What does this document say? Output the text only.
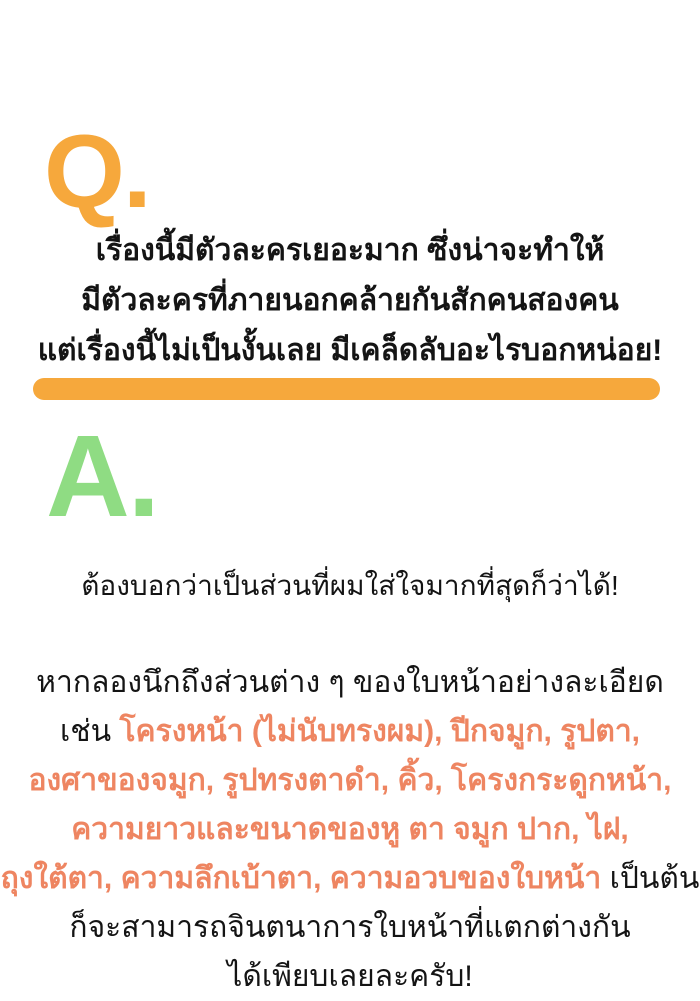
Q.
เรื่องนี้มีตัวละครเยอะมาก ซึ่งน่าจะทำให้
มีตัวละครที่ภายนอกคล้ายกันสักคนสองคน
แต่เรื่องนี้ไม่เป็นงั้นเลย มีเคล็ดลับอะไรบอกหน่อย!
A.
ต้องบอกว่าเป็นส่วนที่ผมใส่ใจมากที่สุดก็ว่าได้!
หากลองนึกถึงส่วนต่าง ๆ ของใบหน้าอย่างละเอียด
เช่น โครงหน้า (ไม่นับทรงผม), ปีกจมูก, รูปตา,
องศาของจมูก, รูปทรงตาดำ, คิ้ว, โครงกระดูกหน้า,
ความยาวและขนาดของหู ตา จมูก ปาก, ไฝ,
ถุงใต้ตา, ความลึกเบ้าตา, ความอวบของใบหน้า เป็นต้น
ก็จะสามารถจินตนาการใบหน้าที่แตกต่างกัน
ได้เพียบเลยละครับ!
